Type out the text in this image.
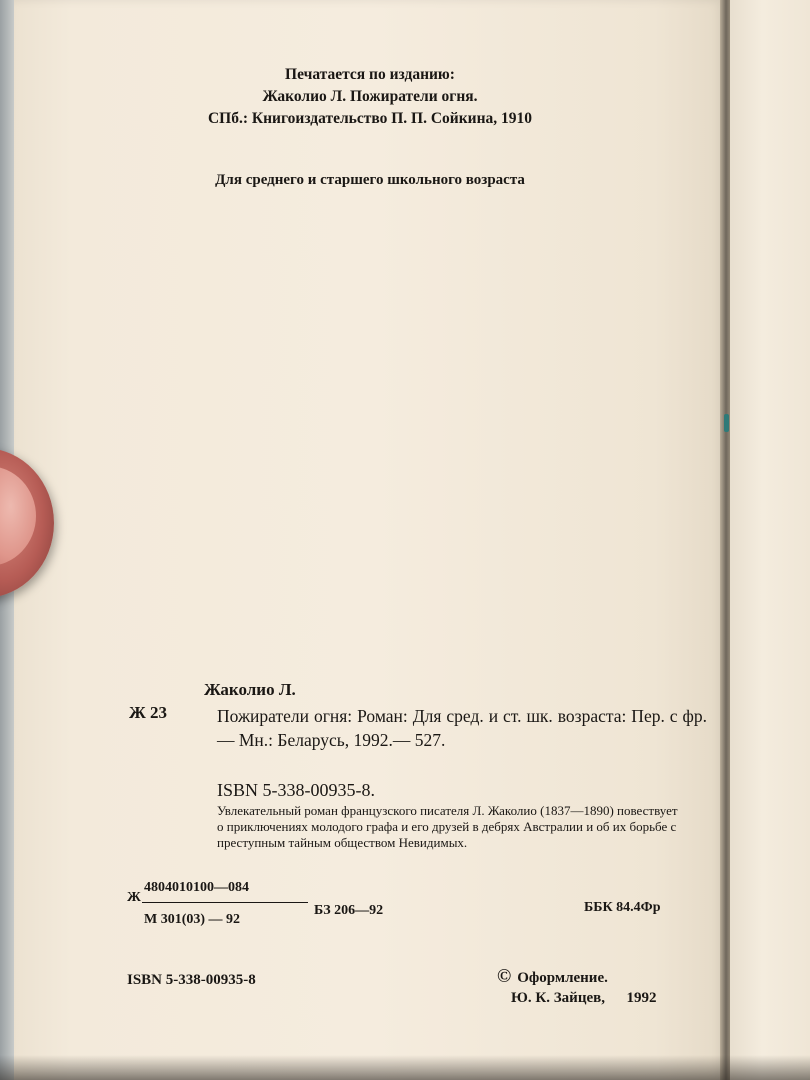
Печатается по изданию:
Жаколио Л. Пожиратели огня.
СПб.: Книгоиздательство П. П. Сойкина, 1910
Для среднего и старшего школьного возраста
Жаколио Л.
Ж 23	Пожиратели огня: Роман: Для сред. и ст. шк. возраста: Пер. с фр.— Мн.: Беларусь, 1992.— 527.
ISBN 5-338-00935-8.
Увлекательный роман французского писателя Л. Жаколио (1837—1890) повествует о приключениях молодого графа и его друзей в дебрях Австралии и об их борьбе с преступным тайным обществом Невидимых.
Ж
4804010100—084
М 301(03) — 92
БЗ 206—92	ББК 84.4Фр
ISBN 5-338-00935-8	© Оформление.
Ю. К. Зайцев, 1992
